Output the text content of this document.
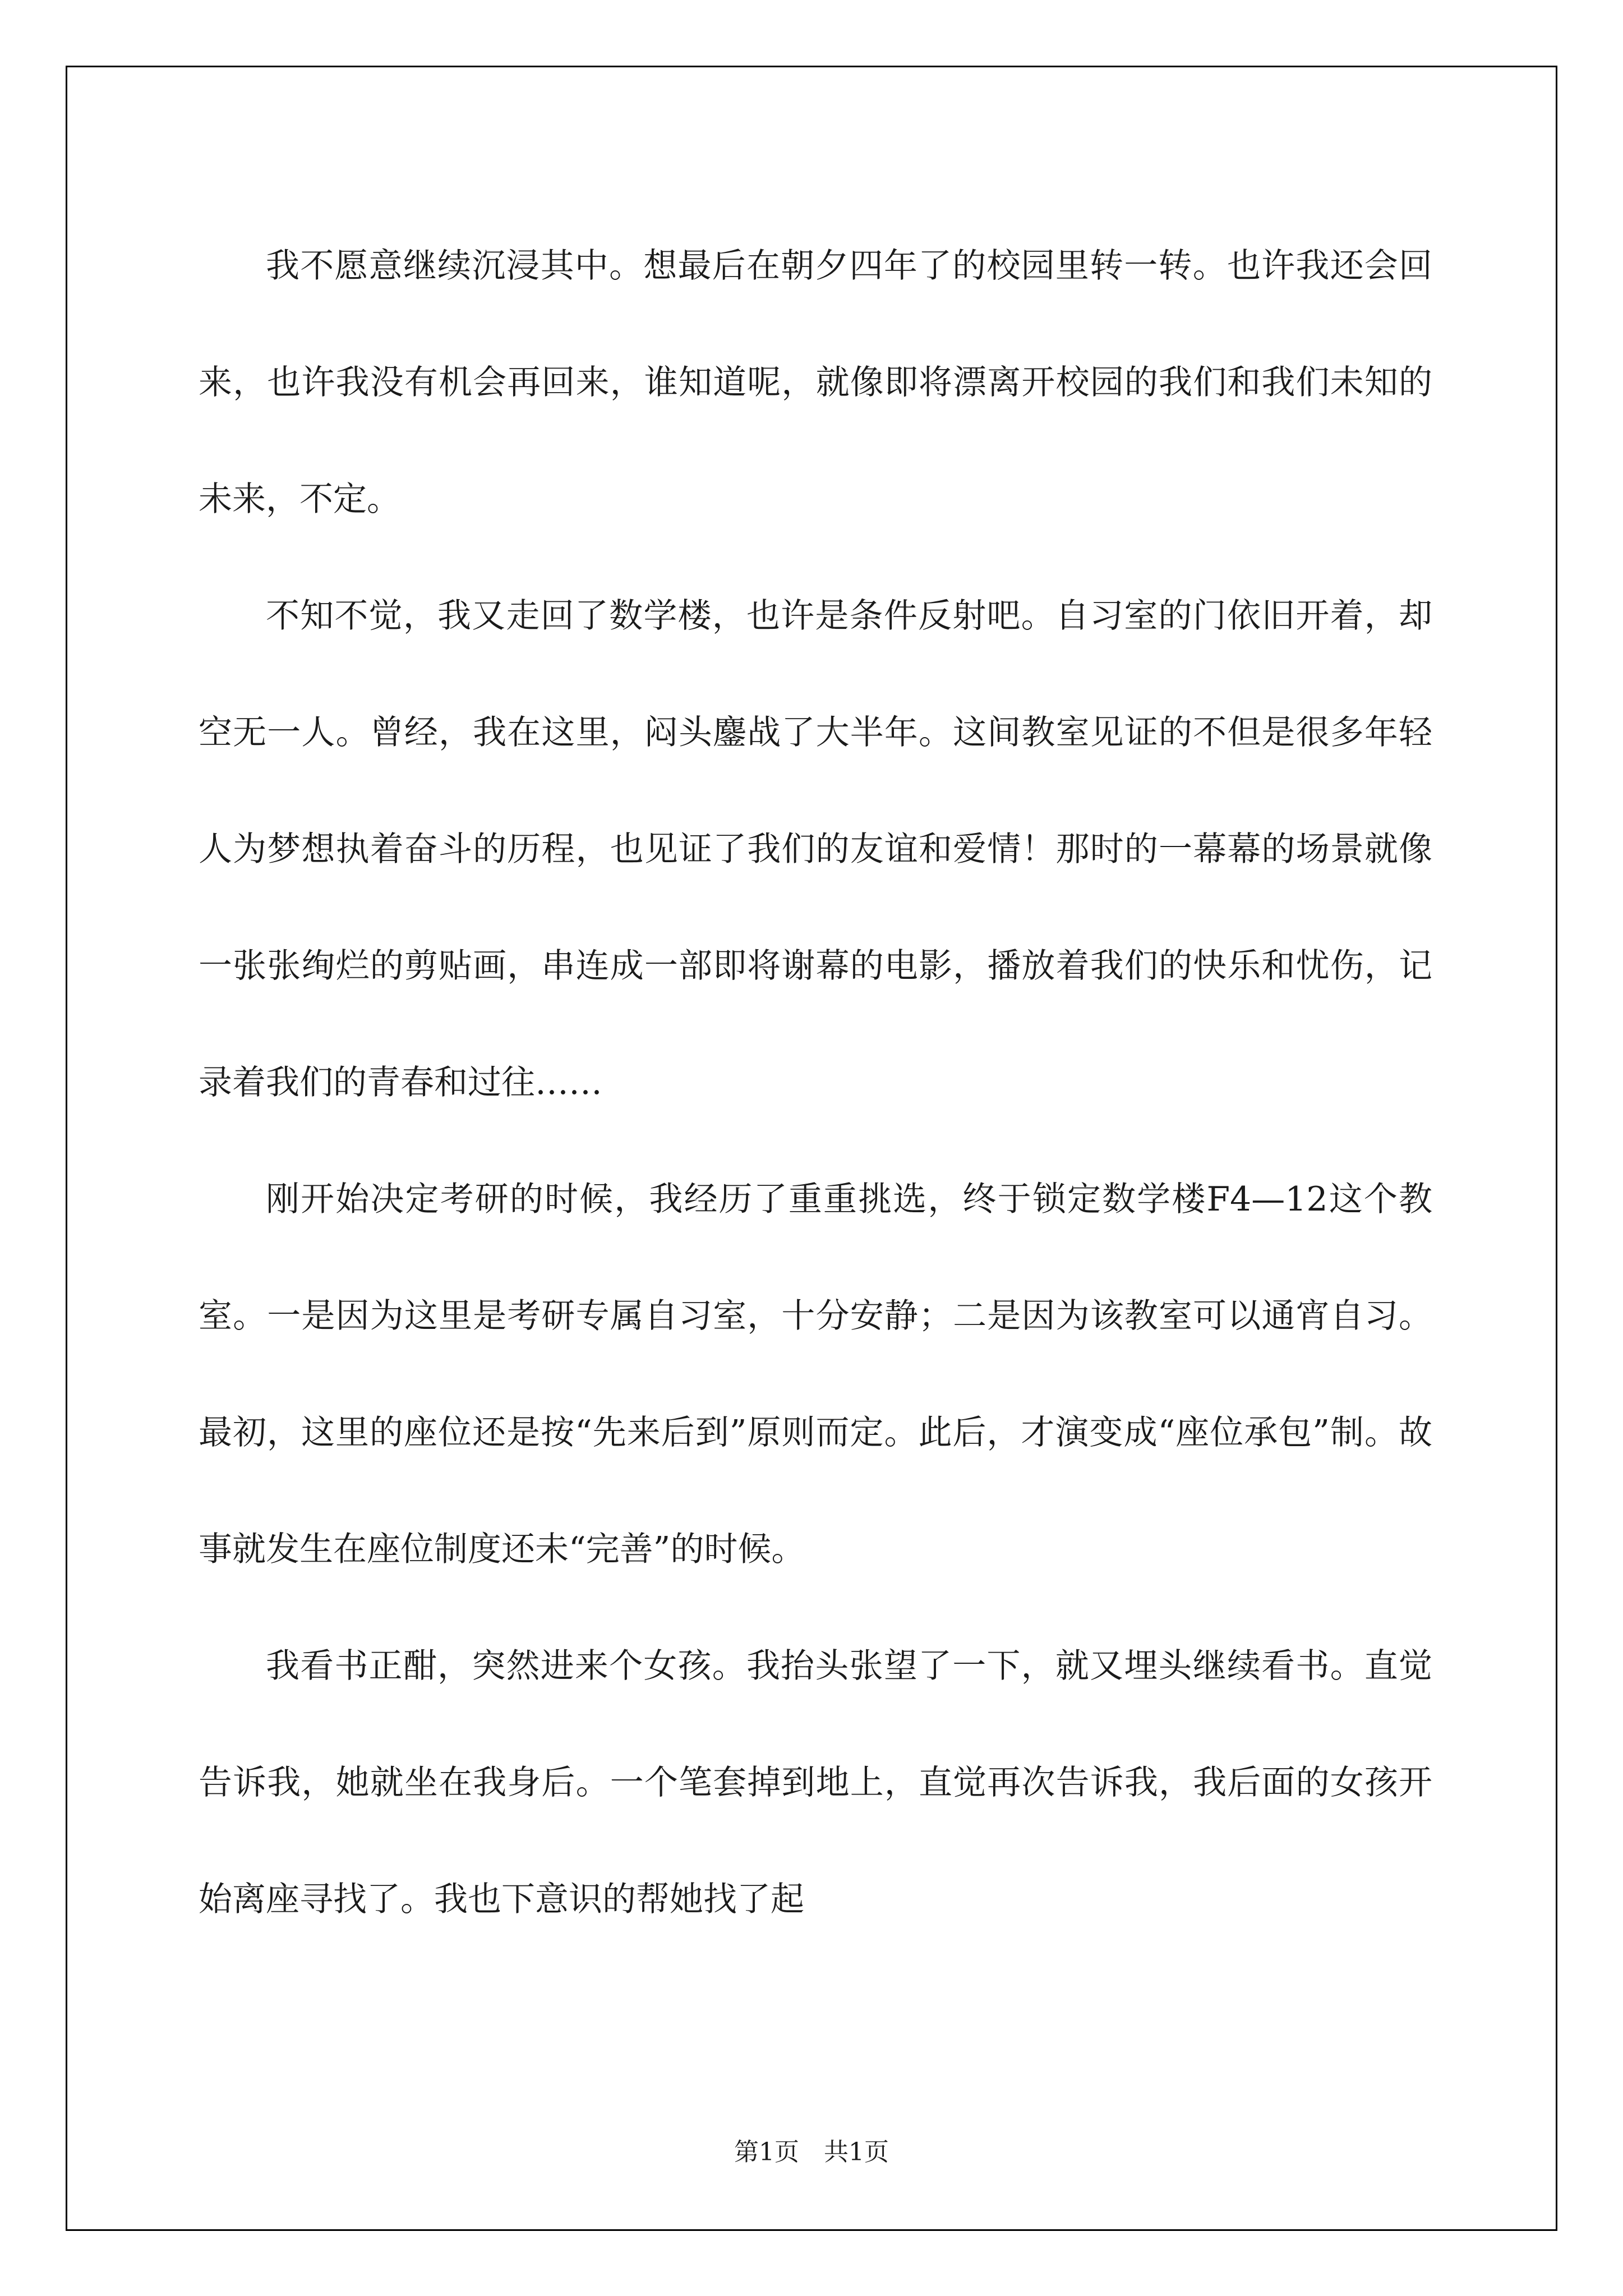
我不愿意继续沉浸其中。想最后在朝夕四年了的校园里转一转。也许我还会回来，也许我没有机会再回来，谁知道呢，就像即将漂离开校园的我们和我们未知的未来，不定。

不知不觉，我又走回了数学楼，也许是条件反射吧。自习室的门依旧开着，却空无一人。曾经，我在这里，闷头鏖战了大半年。这间教室见证的不但是很多年轻人为梦想执着奋斗的历程，也见证了我们的友谊和爱情！那时的一幕幕的场景就像一张张绚烂的剪贴画，串连成一部即将谢幕的电影，播放着我们的快乐和忧伤，记录着我们的青春和过往……

刚开始决定考研的时候，我经历了重重挑选，终于锁定数学楼F4—12这个教室。一是因为这里是考研专属自习室，十分安静；二是因为该教室可以通宵自习。最初，这里的座位还是按“先来后到”原则而定。此后，才演变成“座位承包”制。故事就发生在座位制度还未“完善”的时候。

我看书正酣，突然进来个女孩。我抬头张望了一下，就又埋头继续看书。直觉告诉我，她就坐在我身后。一个笔套掉到地上，直觉再次告诉我，我后面的女孩开始离座寻找了。我也下意识的帮她找了起

第1页　共1页
